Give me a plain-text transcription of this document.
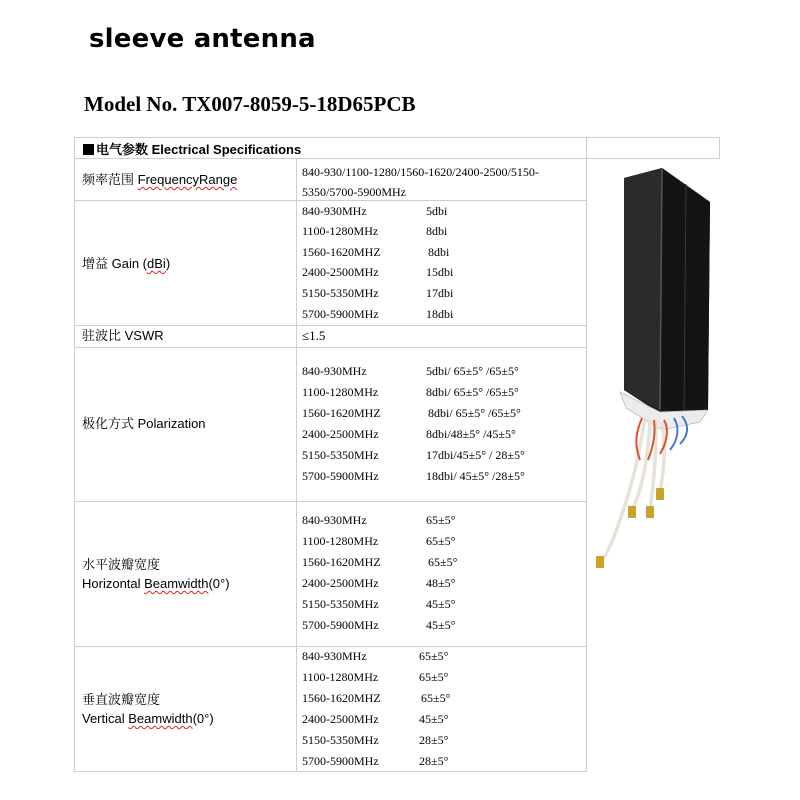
sleeve antenna
Model No. TX007-8059-5-18D65PCB
电气参数 Electrical Specifications
频率范围 FrequencyRange	840-930/1100-1280/1560-1620/2400-2500/5150-5350/5700-5900MHz
增益 Gain (dBi)
840-930MHz	5dbi
1100-1280MHz	8dbi
1560-1620MHZ	8dbi
2400-2500MHz	15dbi
5150-5350MHz	17dbi
5700-5900MHz	18dbi
驻波比 VSWR	≤1.5
极化方式 Polarization
840-930MHz	5dbi/ 65±5° /65±5°
1100-1280MHz	8dbi/ 65±5° /65±5°
1560-1620MHZ	8dbi/ 65±5° /65±5°
2400-2500MHz	8dbi/48±5° /45±5°
5150-5350MHz	17dbi/45±5° / 28±5°
5700-5900MHz	18dbi/ 45±5° /28±5°
水平波瓣宽度
Horizontal Beamwidth(0°)
840-930MHz	65±5°
1100-1280MHz	65±5°
1560-1620MHZ	65±5°
2400-2500MHz	48±5°
5150-5350MHz	45±5°
5700-5900MHz	45±5°
垂直波瓣宽度
Vertical Beamwidth(0°)
840-930MHz	65±5°
1100-1280MHz	65±5°
1560-1620MHZ	65±5°
2400-2500MHz	45±5°
5150-5350MHz	28±5°
5700-5900MHz	28±5°
